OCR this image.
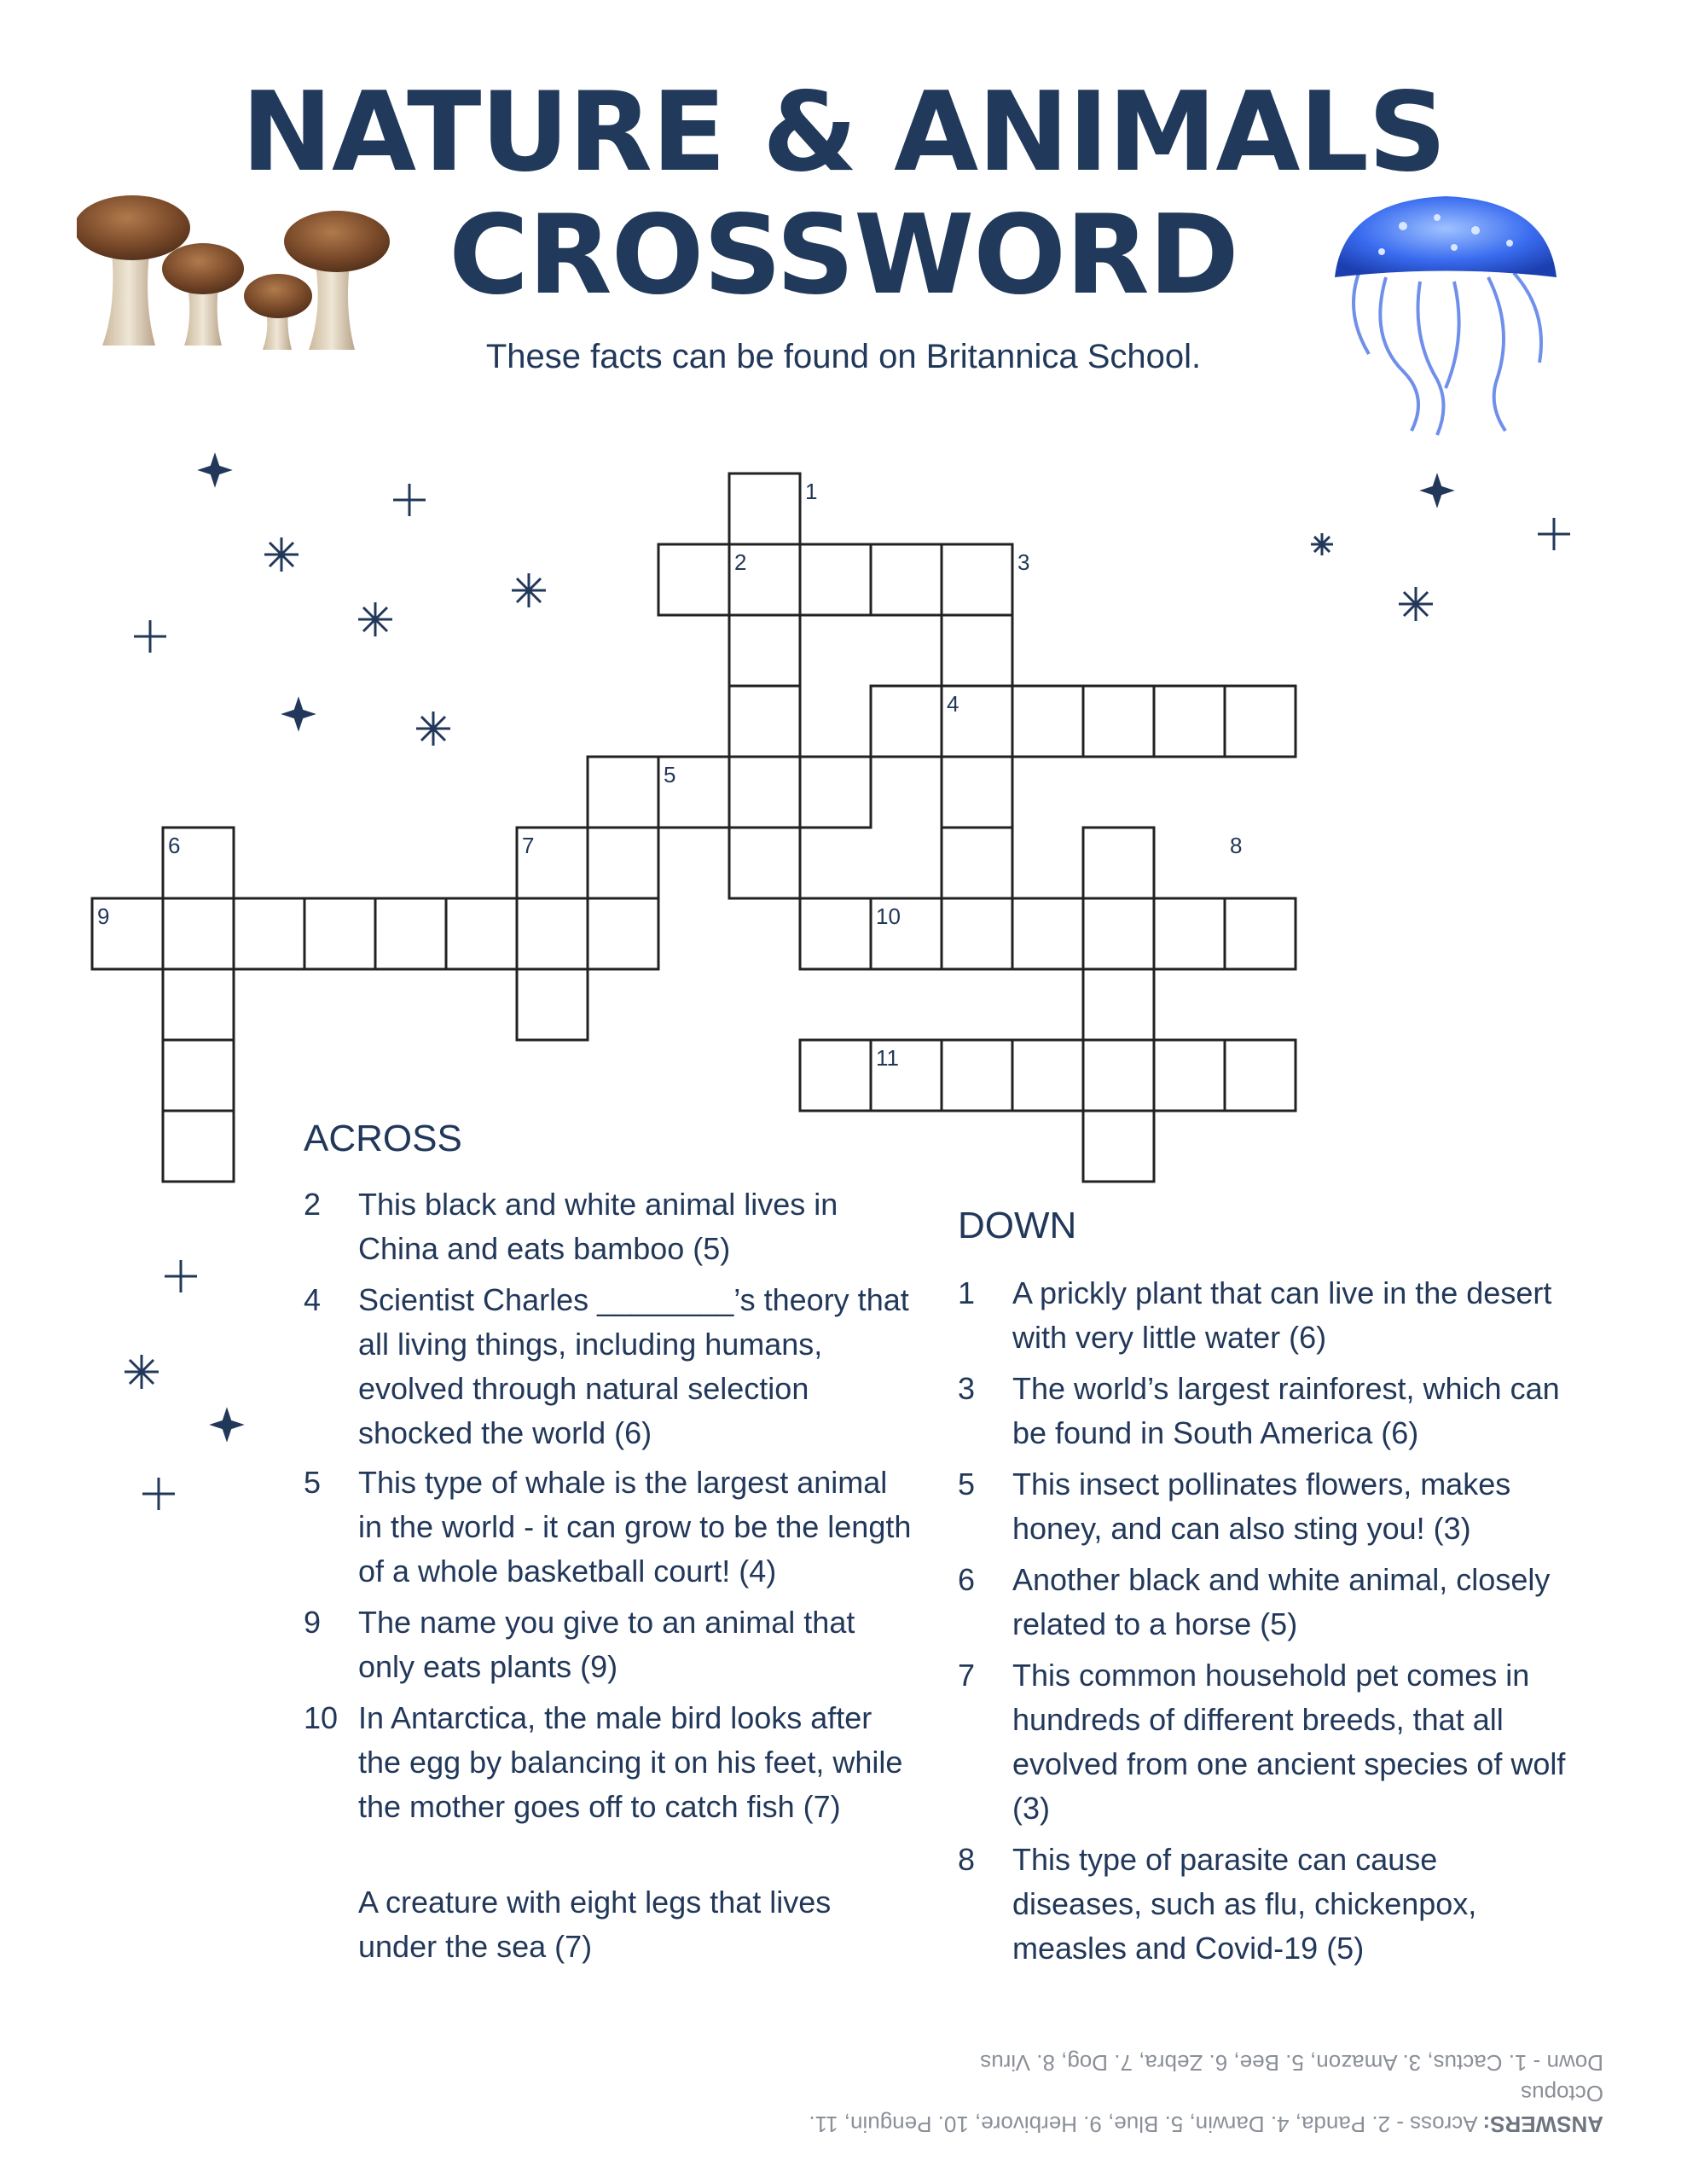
NATURE & ANIMALS
CROSSWORD
These facts can be found on Britannica School.
1
2	3
4
5
6	7	8
9	10
11
ACROSS
2 This black and white animal lives in China and eats bamboo (5)
4 Scientist Charles ________’s theory that all living things, including humans, evolved through natural selection shocked the world (6)
5 This type of whale is the largest animal in the world - it can grow to be the length of a whole basketball court! (4)
9 The name you give to an animal that only eats plants (9)
10 In Antarctica, the male bird looks after the egg by balancing it on his feet, while the mother goes off to catch fish (7)
A creature with eight legs that lives under the sea (7)
DOWN
1 A prickly plant that can live in the desert with very little water (6)
3 The world’s largest rainforest, which can be found in South America (6)
5 This insect pollinates flowers, makes honey, and can also sting you! (3)
6 Another black and white animal, closely related to a horse (5)
7 This common household pet comes in hundreds of different breeds, that all evolved from one ancient species of wolf (3)
8 This type of parasite can cause diseases, such as flu, chickenpox, measles and Covid-19 (5)
ANSWERS: Across - 2. Panda, 4. Darwin, 5. Blue, 9. Herbivore, 10. Penguin, 11. Octopus
Down - 1. Cactus, 3. Amazon, 5. Bee, 6. Zebra, 7. Dog, 8. Virus
